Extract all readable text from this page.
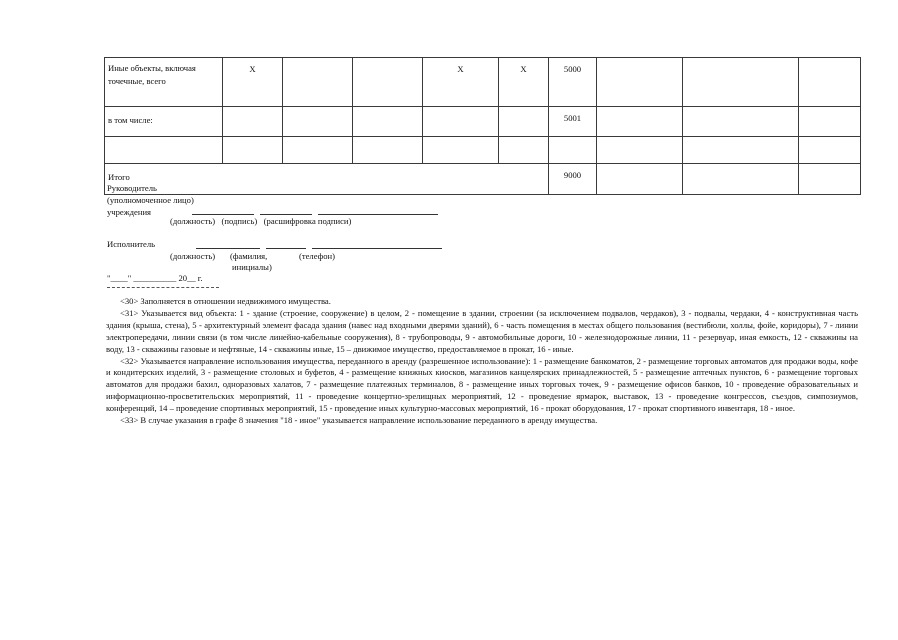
Иные объекты, включая точечные, всего	X			X	X	5000			
в том числе:						5001			

Итого						9000			
Руководитель
(уполномоченное лицо)
учреждения
(должность)   (подпись)   (расшифровка подписи)
Исполнитель
(должность) (фамилия,
инициалы)
(телефон)
"____" __________ 20__ г.

<30> Заполняется в отношении недвижимого имущества.

<31> Указывается вид объекта: 1 - здание (строение, сооружение) в целом, 2 - помещение в здании, строении (за исключением подвалов, чердаков), 3 - подвалы, чердаки, 4 - конструктивная часть здания (крыша, стена), 5 - архитектурный элемент фасада здания (навес над входными дверями зданий), 6 - часть помещения в местах общего пользования (вестибюли, холлы, фойе, коридоры), 7 - линии электропередачи, линии связи (в том числе линейно-кабельные сооружения), 8 - трубопроводы, 9 - автомобильные дороги, 10 - железнодорожные линии, 11 - резервуар, иная емкость, 12 - скважины на воду, 13 - скважины газовые и нефтяные, 14 - скважины иные, 15 – движимое имущество, предоставляемое в прокат, 16 - иные.

<32> Указывается направление использования имущества, переданного в аренду (разрешенное использование): 1 - размещение банкоматов, 2 - размещение торговых автоматов для продажи воды, кофе и кондитерских изделий, 3 - размещение столовых и буфетов, 4 - размещение книжных киосков, магазинов канцелярских принадлежностей, 5 - размещение аптечных пунктов, 6 - размещение торговых автоматов для продажи бахил, одноразовых халатов, 7 - размещение платежных терминалов, 8 - размещение иных торговых точек, 9 - размещение офисов банков, 10 - проведение образовательных и информационно-просветительских мероприятий, 11 - проведение концертно-зрелищных мероприятий, 12 - проведение ярмарок, выставок, 13 - проведение конгрессов, съездов, симпозиумов, конференций, 14 – проведение спортивных мероприятий, 15 - проведение иных культурно-массовых мероприятий, 16 - прокат оборудования, 17 - прокат спортивного инвентаря, 18 - иное.

<33> В случае указания в графе 8 значения "18 - иное" указывается направление использование переданного в аренду имущества.
